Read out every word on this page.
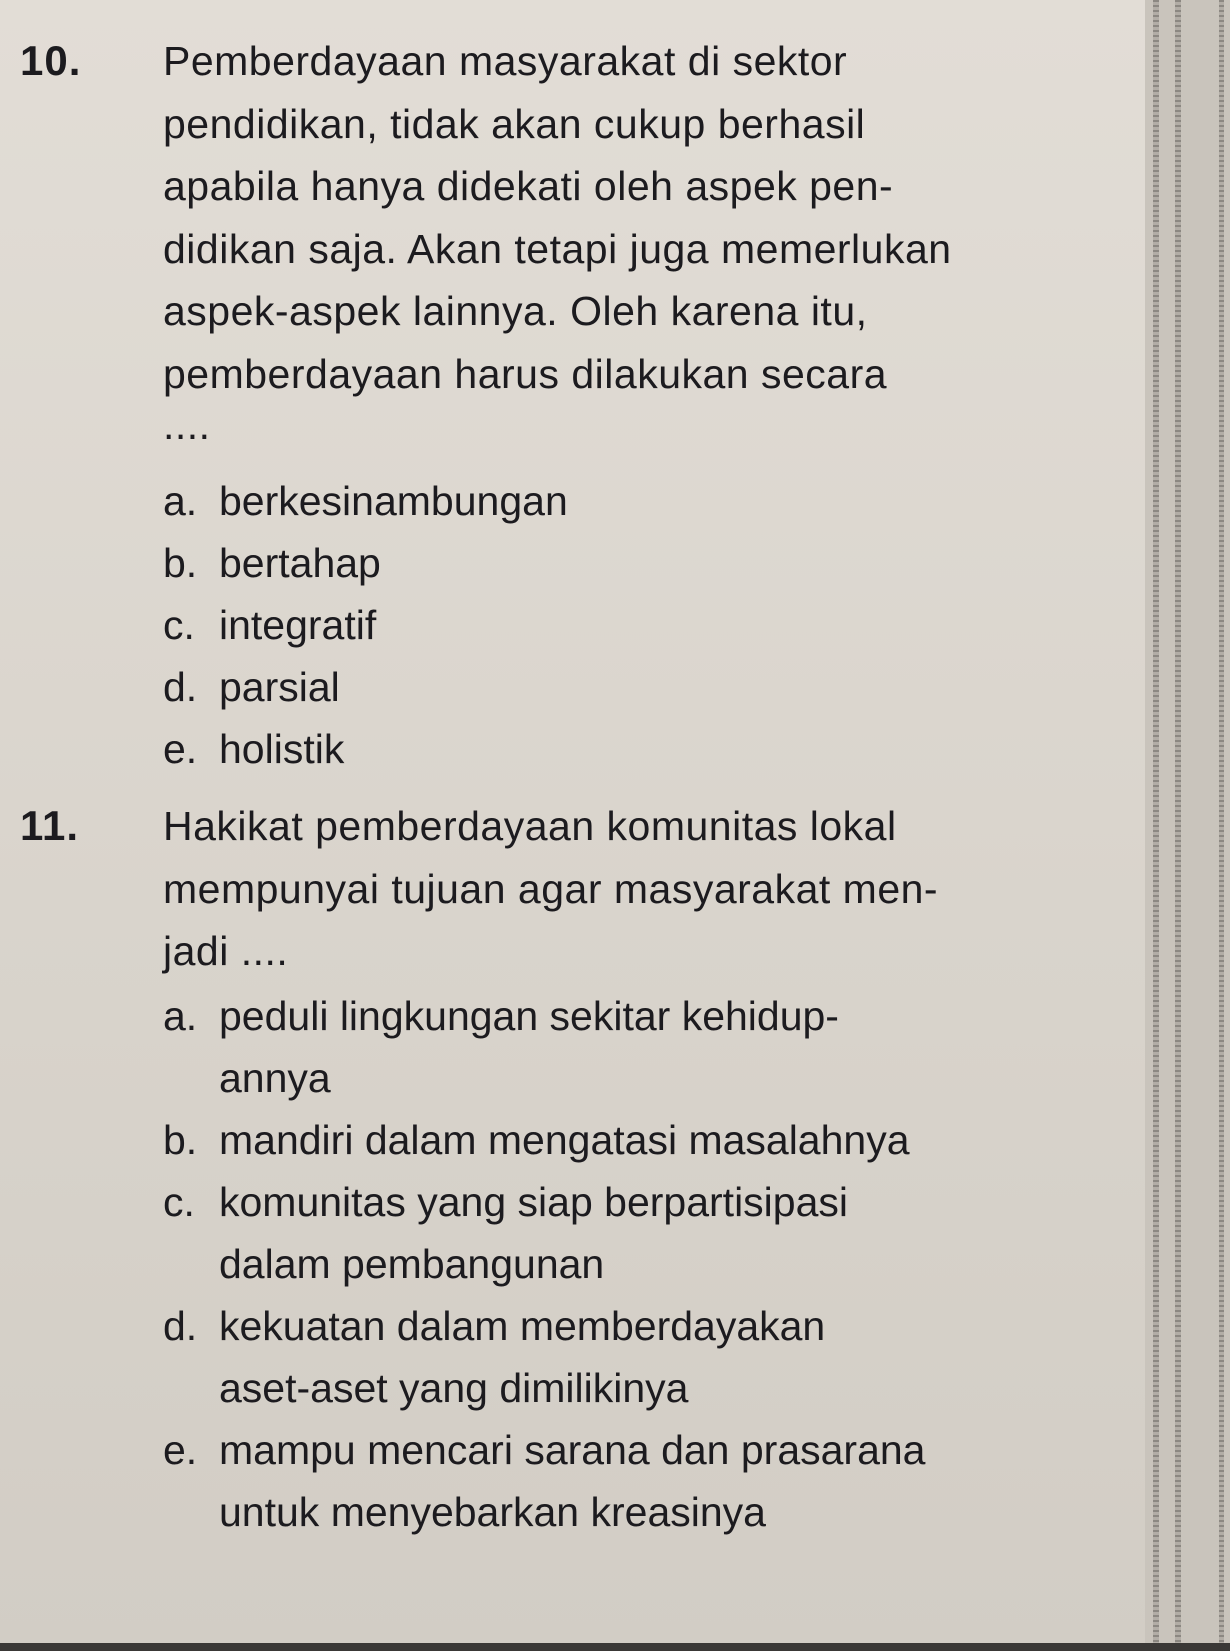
10. Pemberdayaan masyarakat di sektor
pendidikan, tidak akan cukup berhasil
apabila hanya didekati oleh aspek pen-
didikan saja. Akan tetapi juga memerlukan
aspek-aspek lainnya. Oleh karena itu,
pemberdayaan harus dilakukan secara
....
a. berkesinambungan
b. bertahap
c. integratif
d. parsial
e. holistik
11. Hakikat pemberdayaan komunitas lokal
mempunyai tujuan agar masyarakat men-
jadi ....
a. peduli lingkungan sekitar kehidup-
annya
b. mandiri dalam mengatasi masalahnya
c. komunitas yang siap berpartisipasi
dalam pembangunan
d. kekuatan dalam memberdayakan
aset-aset yang dimilikinya
e. mampu mencari sarana dan prasarana
untuk menyebarkan kreasinya
